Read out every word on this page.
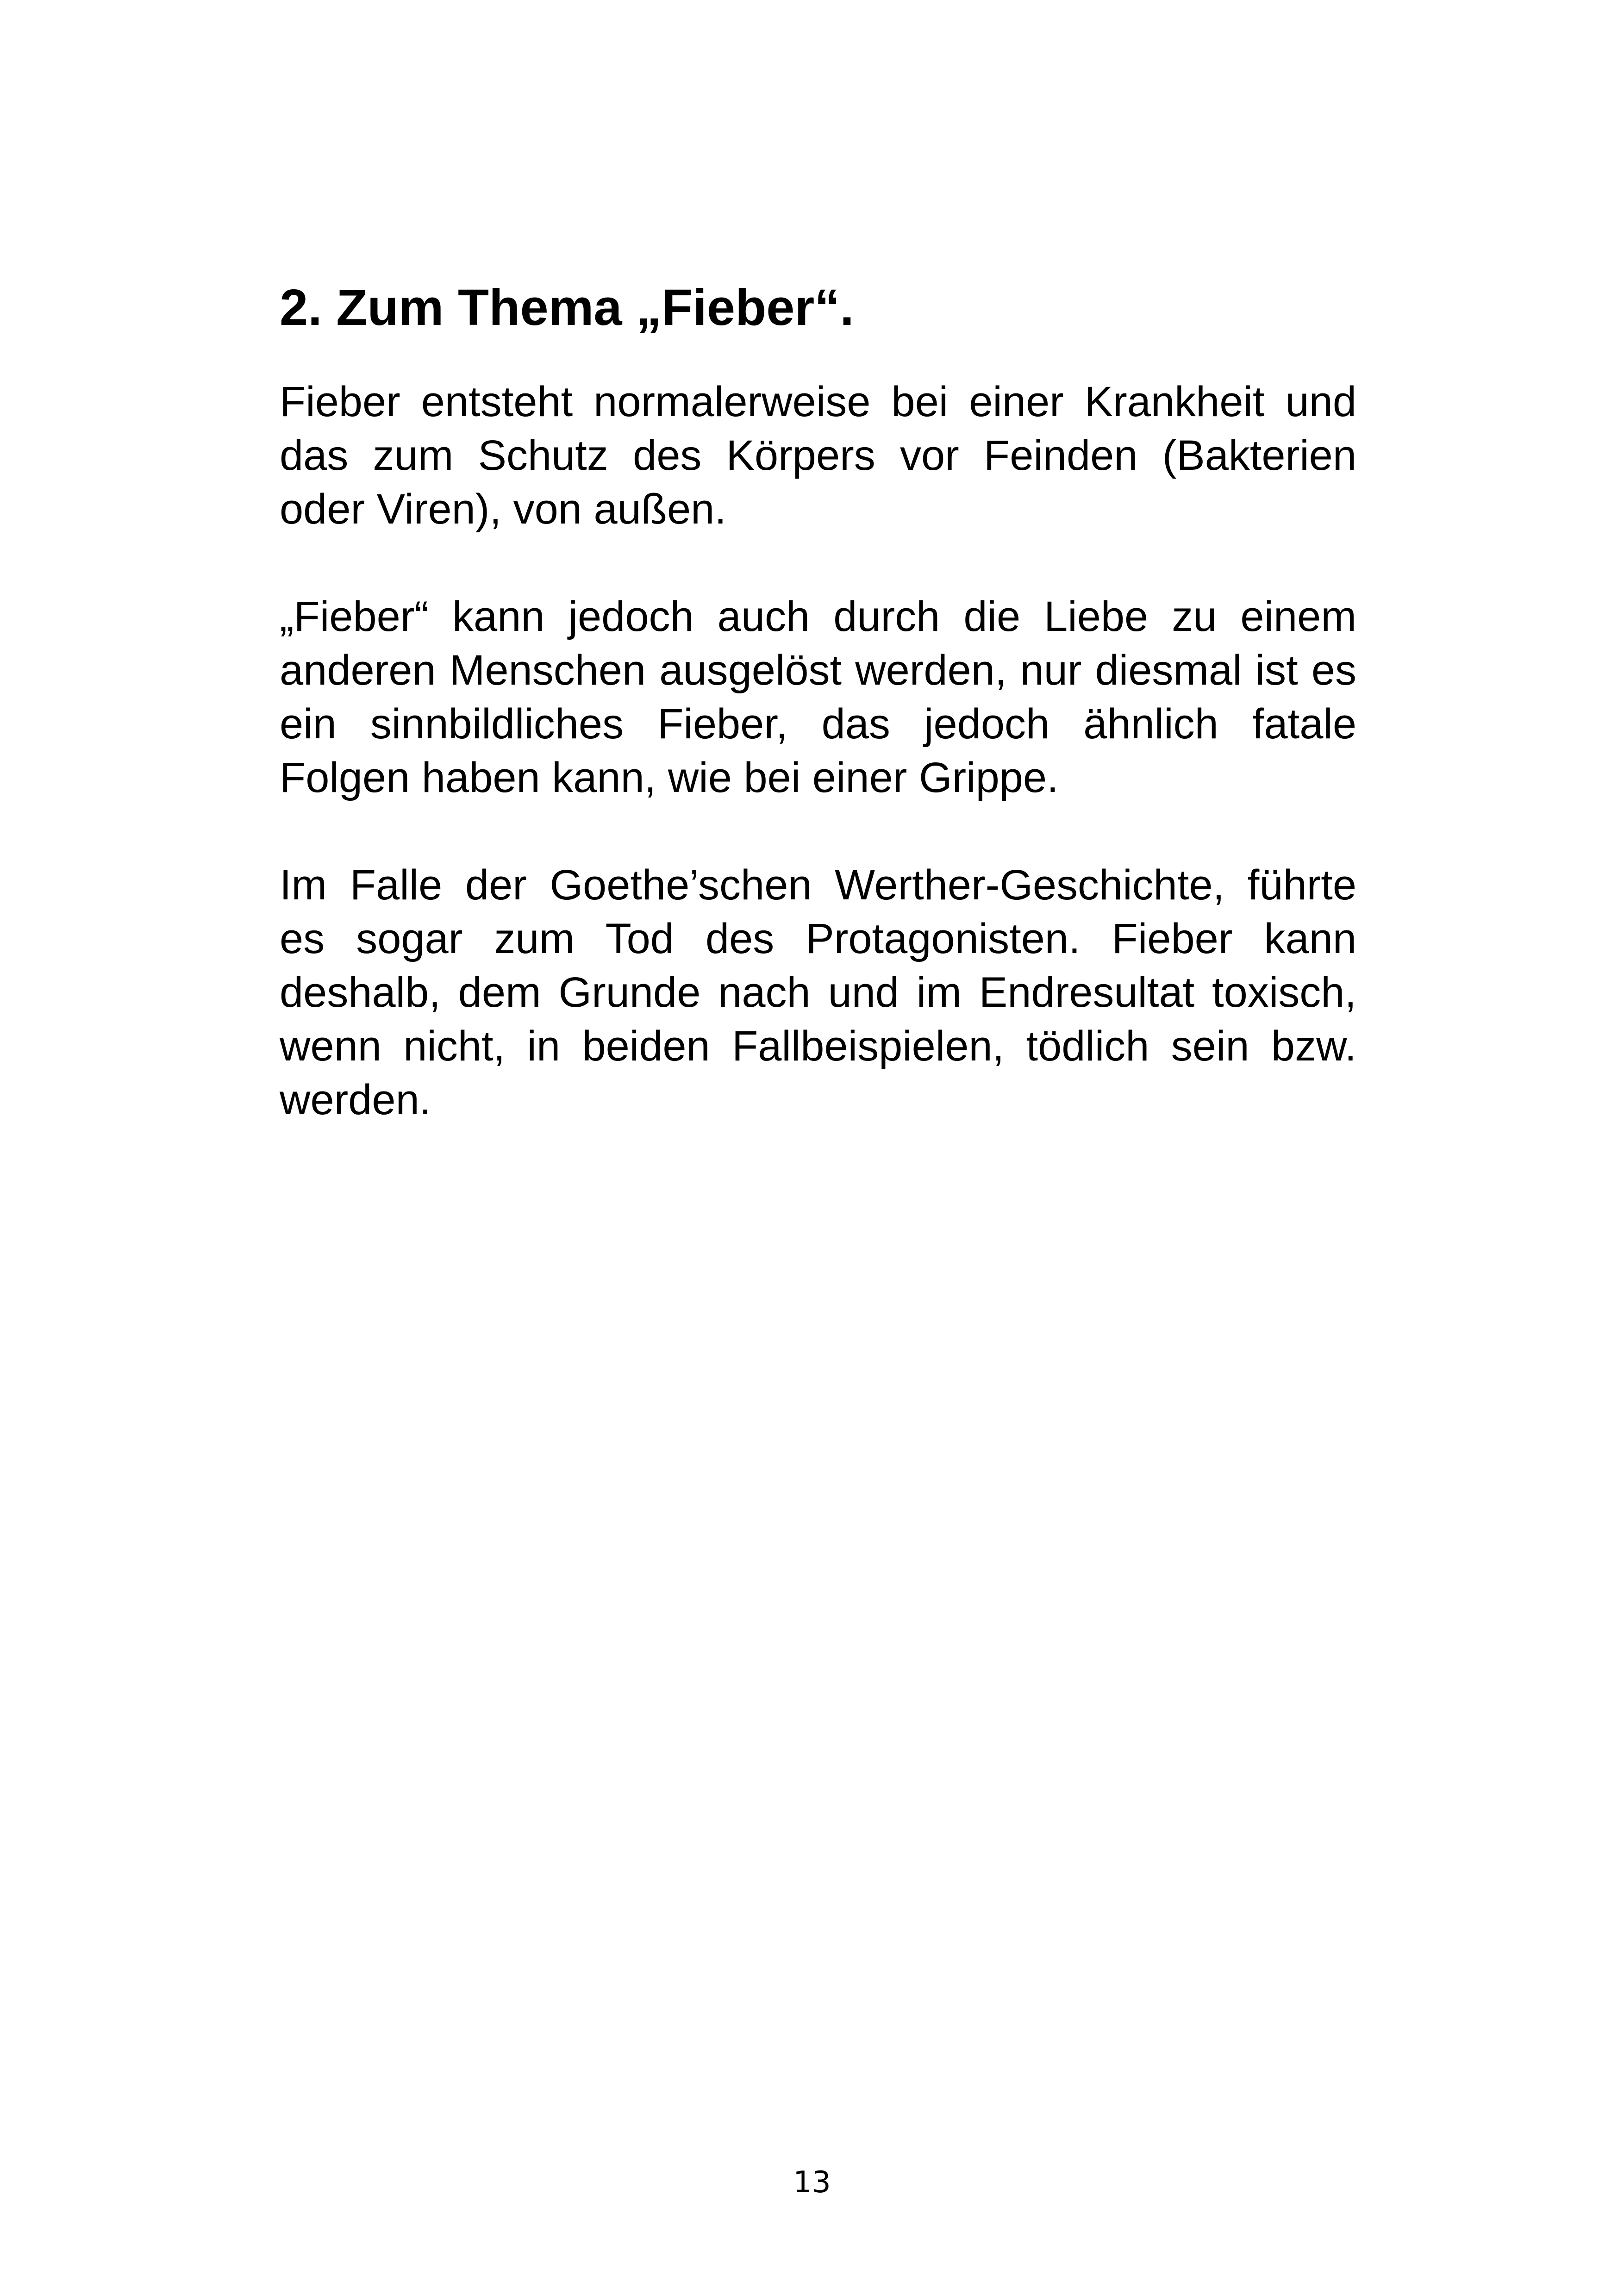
2. Zum Thema „Fieber“.

Fieber entsteht normalerweise bei einer Krankheit und das zum Schutz des Körpers vor Feinden (Bakterien oder Viren), von außen.

„Fieber“ kann jedoch auch durch die Liebe zu einem anderen Menschen ausgelöst werden, nur diesmal ist es ein sinnbildliches Fieber, das jedoch ähnlich fatale Folgen haben kann, wie bei einer Grippe.

Im Falle der Goethe’schen Werther-Geschichte, führte es sogar zum Tod des Protagonisten. Fieber kann deshalb, dem Grunde nach und im Endresultat toxisch, wenn nicht, in beiden Fallbeispielen, tödlich sein bzw. werden.

13
